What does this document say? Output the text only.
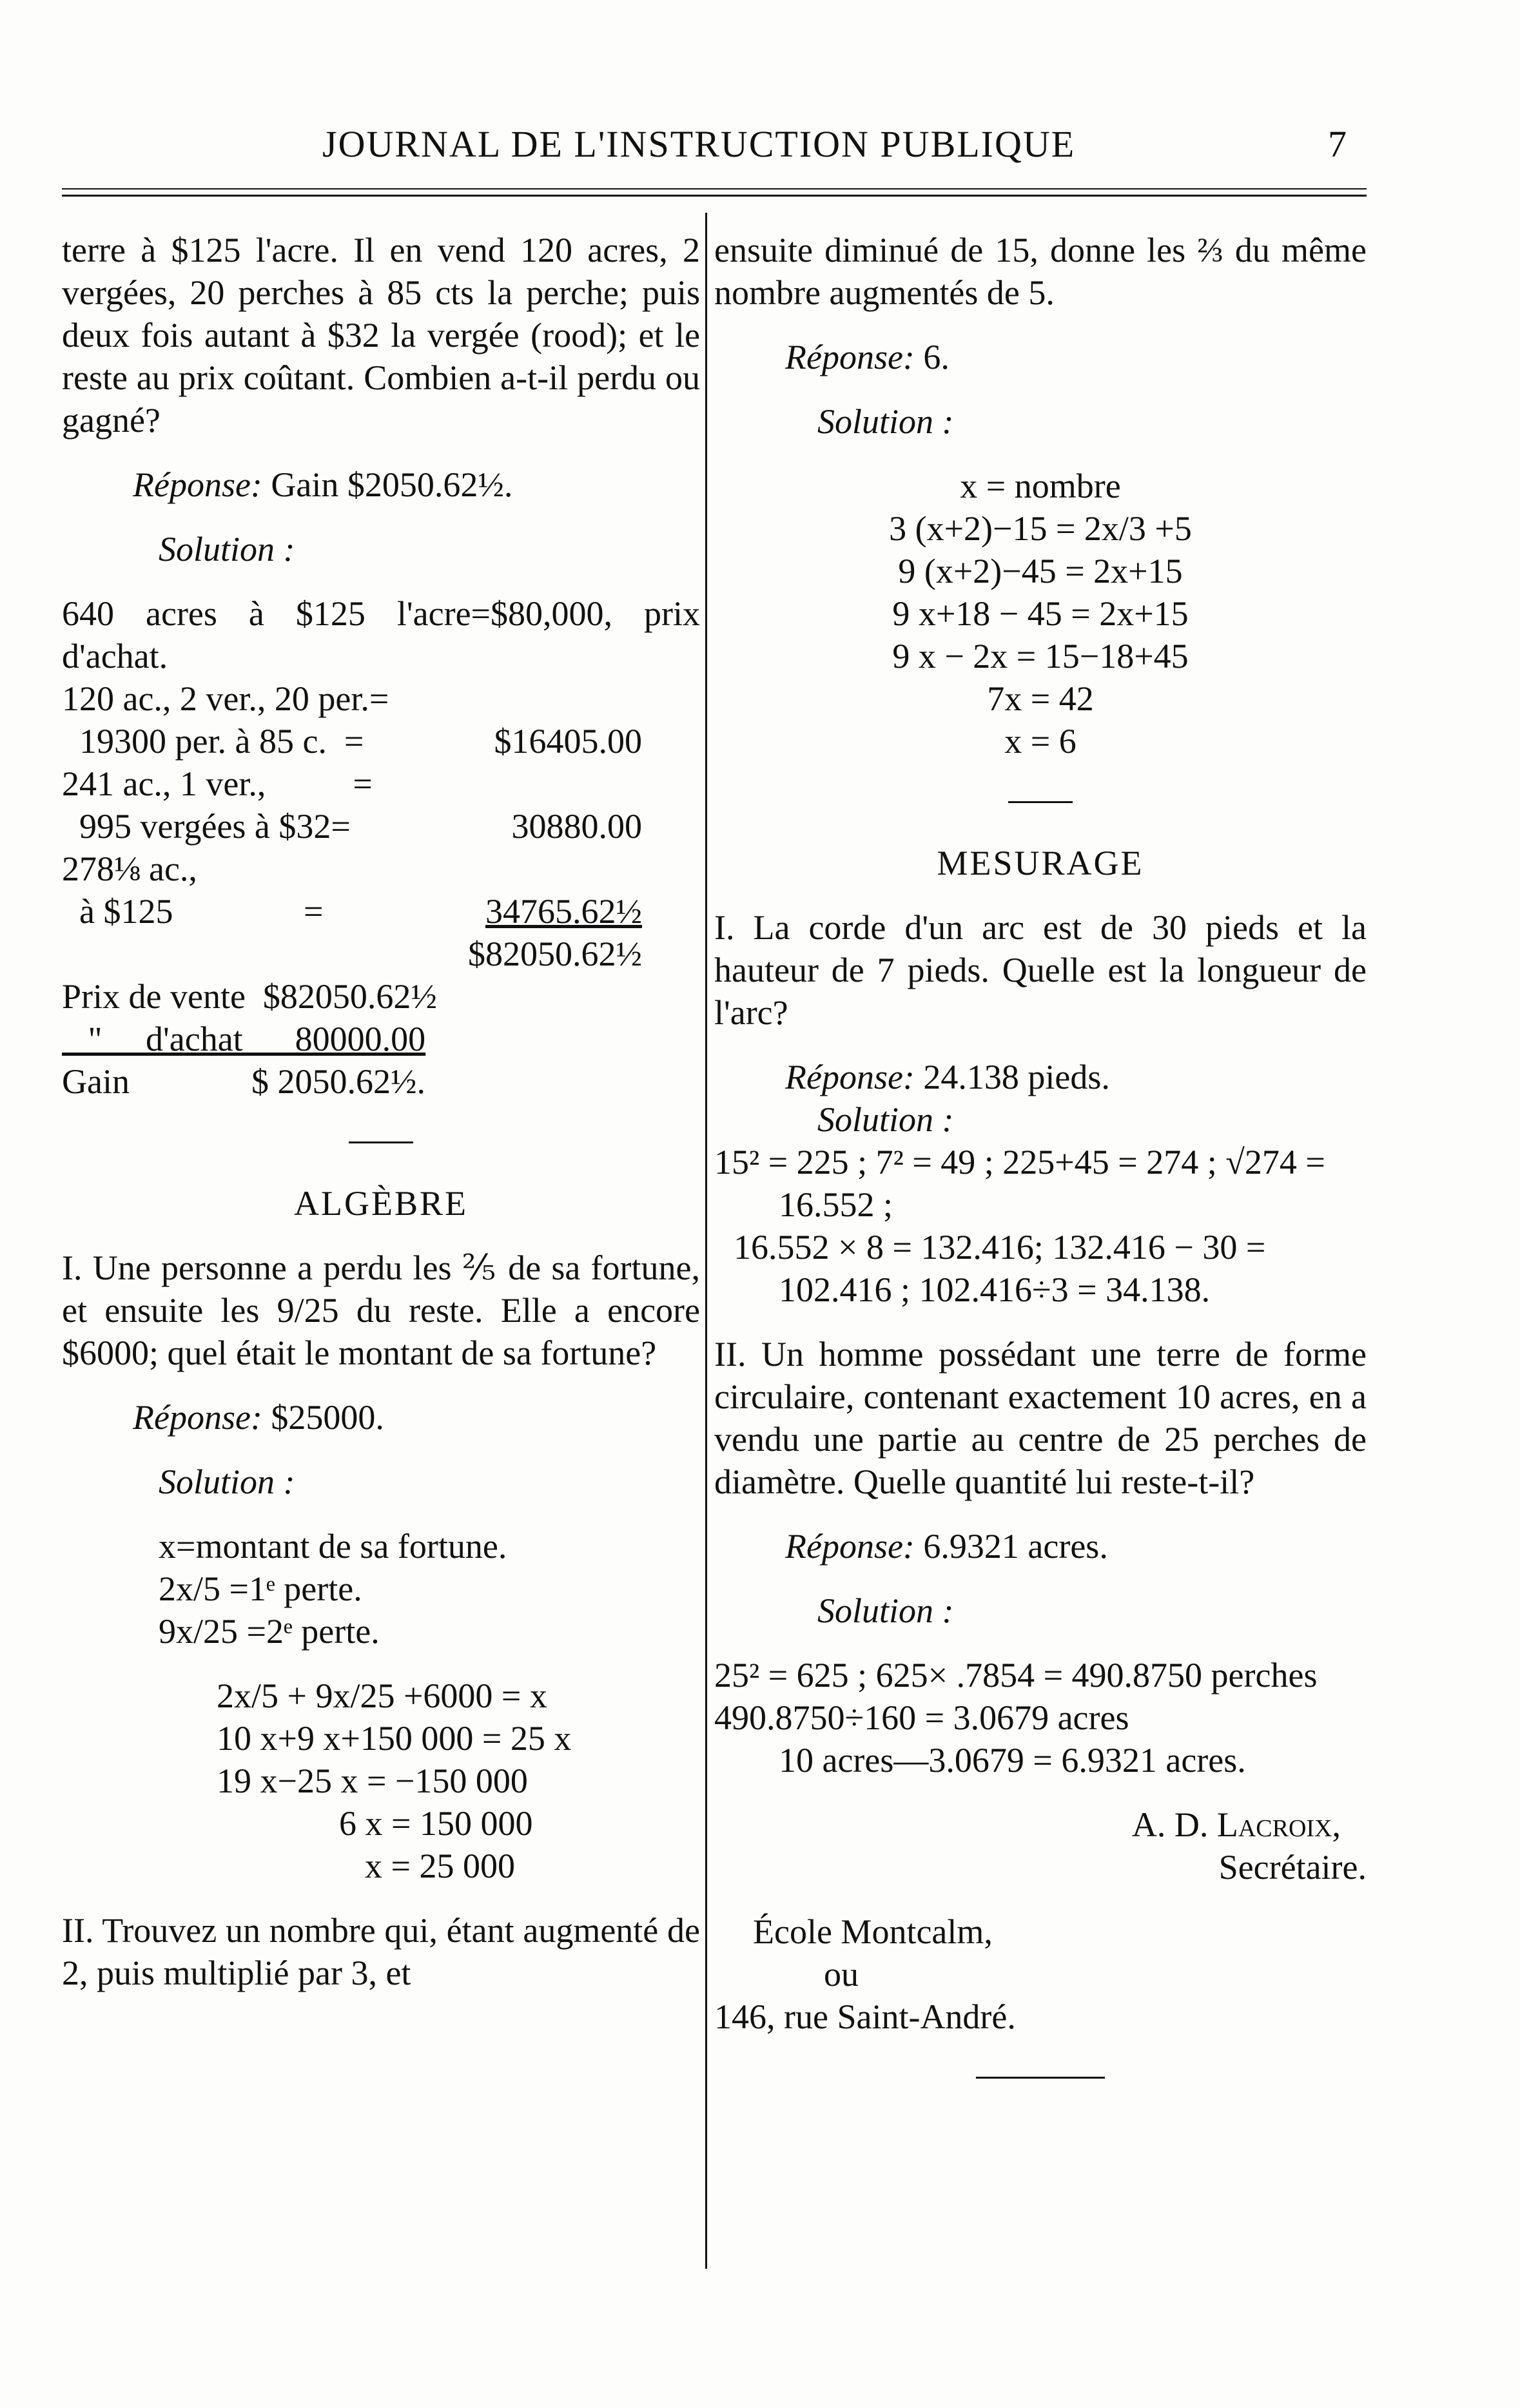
JOURNAL DE L'INSTRUCTION PUBLIQUE	7

terre à $125 l'acre. Il en vend 120 acres, 2 vergées, 20 perches à 85 cts la perche; puis deux fois autant à $32 la vergée (rood); et le reste au prix coûtant. Combien a-t-il perdu ou gagné?

Réponse: Gain $2050.62½.

Solution :

640 acres à $125 l'acre=$80,000, prix d'achat.

120 ac., 2 ver., 20 per.=
19300 per. à 85 c.  =	$16405.00
241 ac., 1 ver.,          =
995 vergées à $32=	30880.00
278⅛ ac.,
à $125               =	34765.62½
$82050.62½
Prix de vente  $82050.62½
"     d'achat      80000.00
Gain              $ 2050.62½.
ALGÈBRE

I. Une personne a perdu les ⅖ de sa fortune, et ensuite les 9/25 du reste. Elle a encore $6000; quel était le montant de sa fortune?

Réponse: $25000.

Solution :

x=montant de sa fortune.
2x/5 =1ᵉ perte.
9x/25 =2ᵉ perte.
2x/5 + 9x/25 +6000 = x
10 x+9 x+150 000 = 25 x
19 x−25 x = −150 000
6 x = 150 000
x = 25 000

II. Trouvez un nombre qui, étant augmenté de 2, puis multiplié par 3, et

ensuite diminué de 15, donne les ⅔ du même nombre augmentés de 5.

Réponse: 6.

Solution :

x = nombre
3 (x+2)−15 = 2x/3 +5
9 (x+2)−45 = 2x+15
9 x+18 − 45 = 2x+15
9 x − 2x = 15−18+45
7x = 42
x = 6
MESURAGE

I. La corde d'un arc est de 30 pieds et la hauteur de 7 pieds. Quelle est la longueur de l'arc?

Réponse: 24.138 pieds.

Solution :

15² = 225 ; 7² = 49 ; 225+45 = 274 ; √274 =
16.552 ;
16.552 × 8 = 132.416; 132.416 − 30 =
102.416 ; 102.416÷3 = 34.138.

II. Un homme possédant une terre de forme circulaire, contenant exactement 10 acres, en a vendu une partie au centre de 25 perches de diamètre. Quelle quantité lui reste-t-il?

Réponse: 6.9321 acres.

Solution :

25² = 625 ; 625× .7854 = 490.8750 perches
490.8750÷160 = 3.0679 acres
10 acres—3.0679 = 6.9321 acres.
A. D. Lacroix,
Secrétaire.
École Montcalm,
ou
146, rue Saint-André.
